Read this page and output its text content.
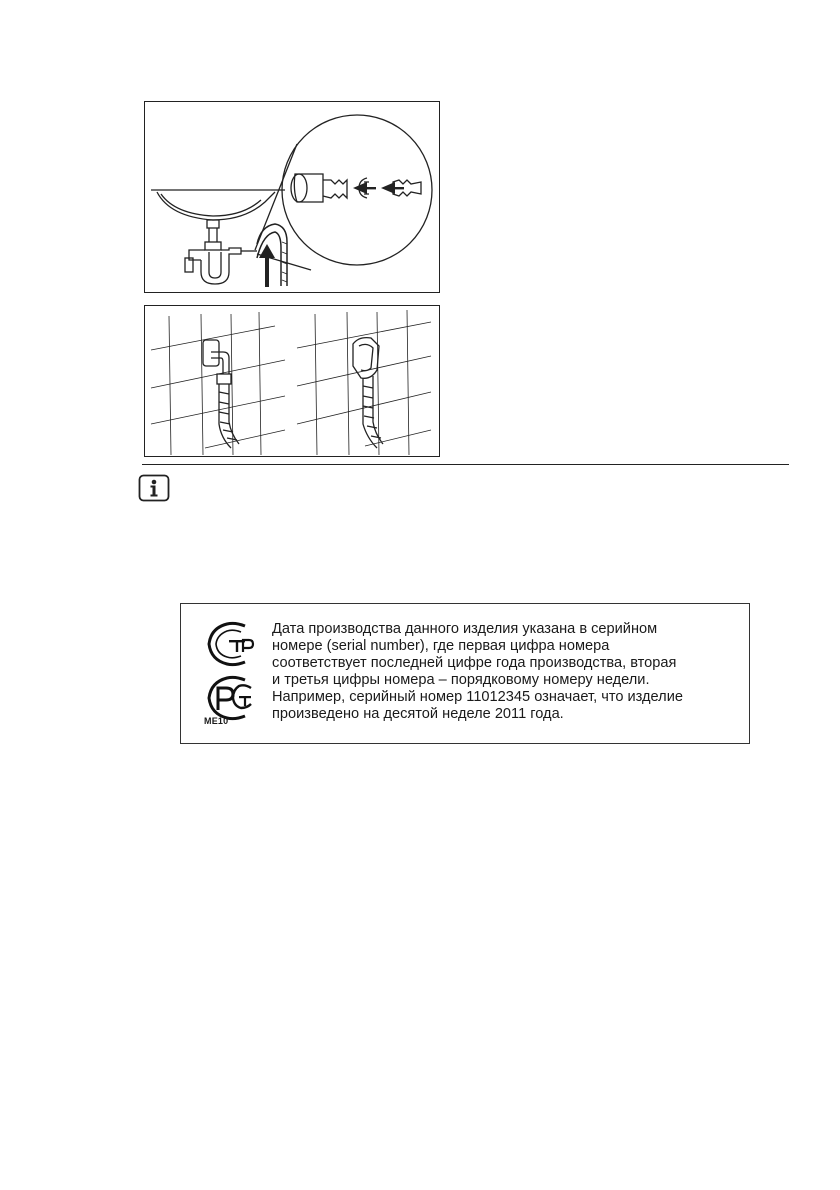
ME10

Дата производства данного изделия указана в серийном

номере (serial number), где первая цифра номера

соответствует последней цифре года производства, вторая

и третья цифры номера – порядковому номеру недели.

Например, серийный номер 11012345 означает, что изделие

произведено на десятой неделе 2011 года.
